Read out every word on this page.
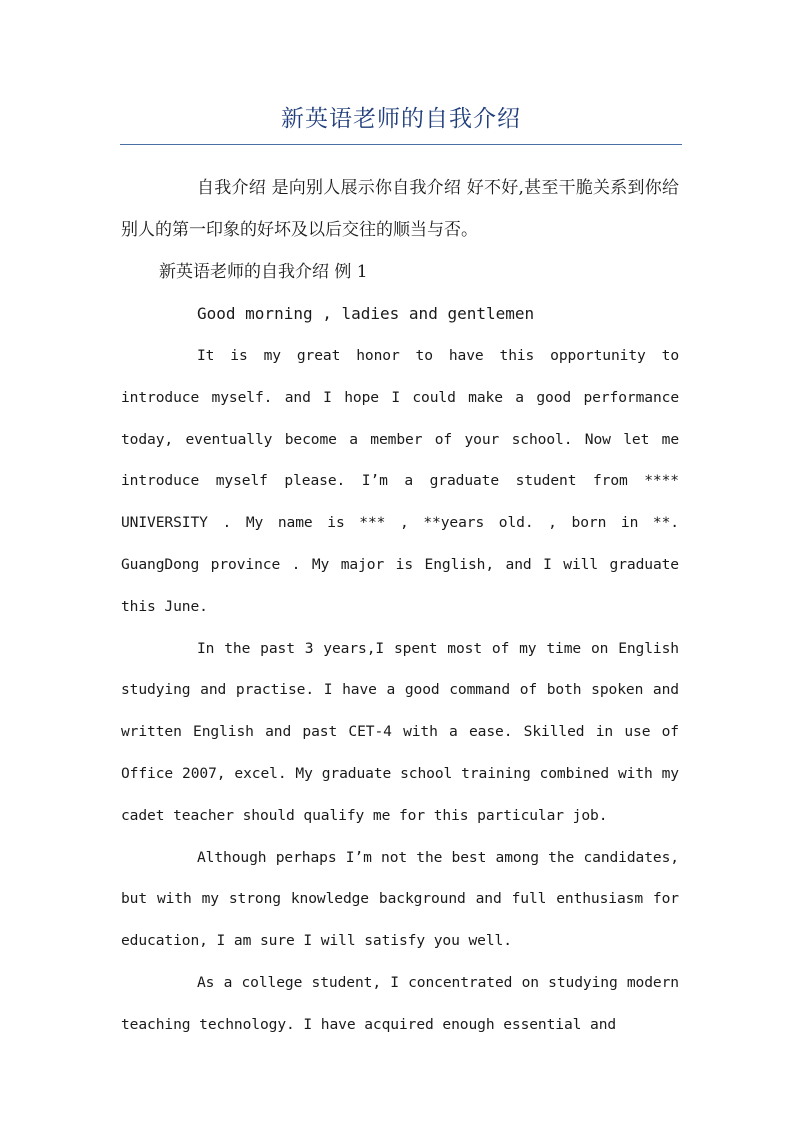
新英语老师的自我介绍

自我介绍 是向别人展示你自我介绍 好不好,甚至干脆关系到你给别人的第一印象的好坏及以后交往的顺当与否。

新英语老师的自我介绍 例 1

Good morning , ladies and gentlemen

It is my great honor to have this opportunity to introduce myself. and I hope I could make a good performance today, eventually become a member of your school. Now let me introduce myself please. I’m a graduate student from **** UNIVERSITY . My name is *** , **years old. , born in **. GuangDong province . My major is English, and I will graduate this June.

In the past 3 years,I spent most of my time on English studying and practise. I have a good command of both spoken and written English and past CET-4 with a ease. Skilled in use of Office 2007, excel. My graduate school training combined with my cadet teacher should qualify me for this particular job.

Although perhaps I’m not the best among the candidates, but with my strong knowledge background and full enthusiasm for education, I am sure I will satisfy you well.

As a college student, I concentrated on studying modern teaching technology. I have acquired enough essential and
